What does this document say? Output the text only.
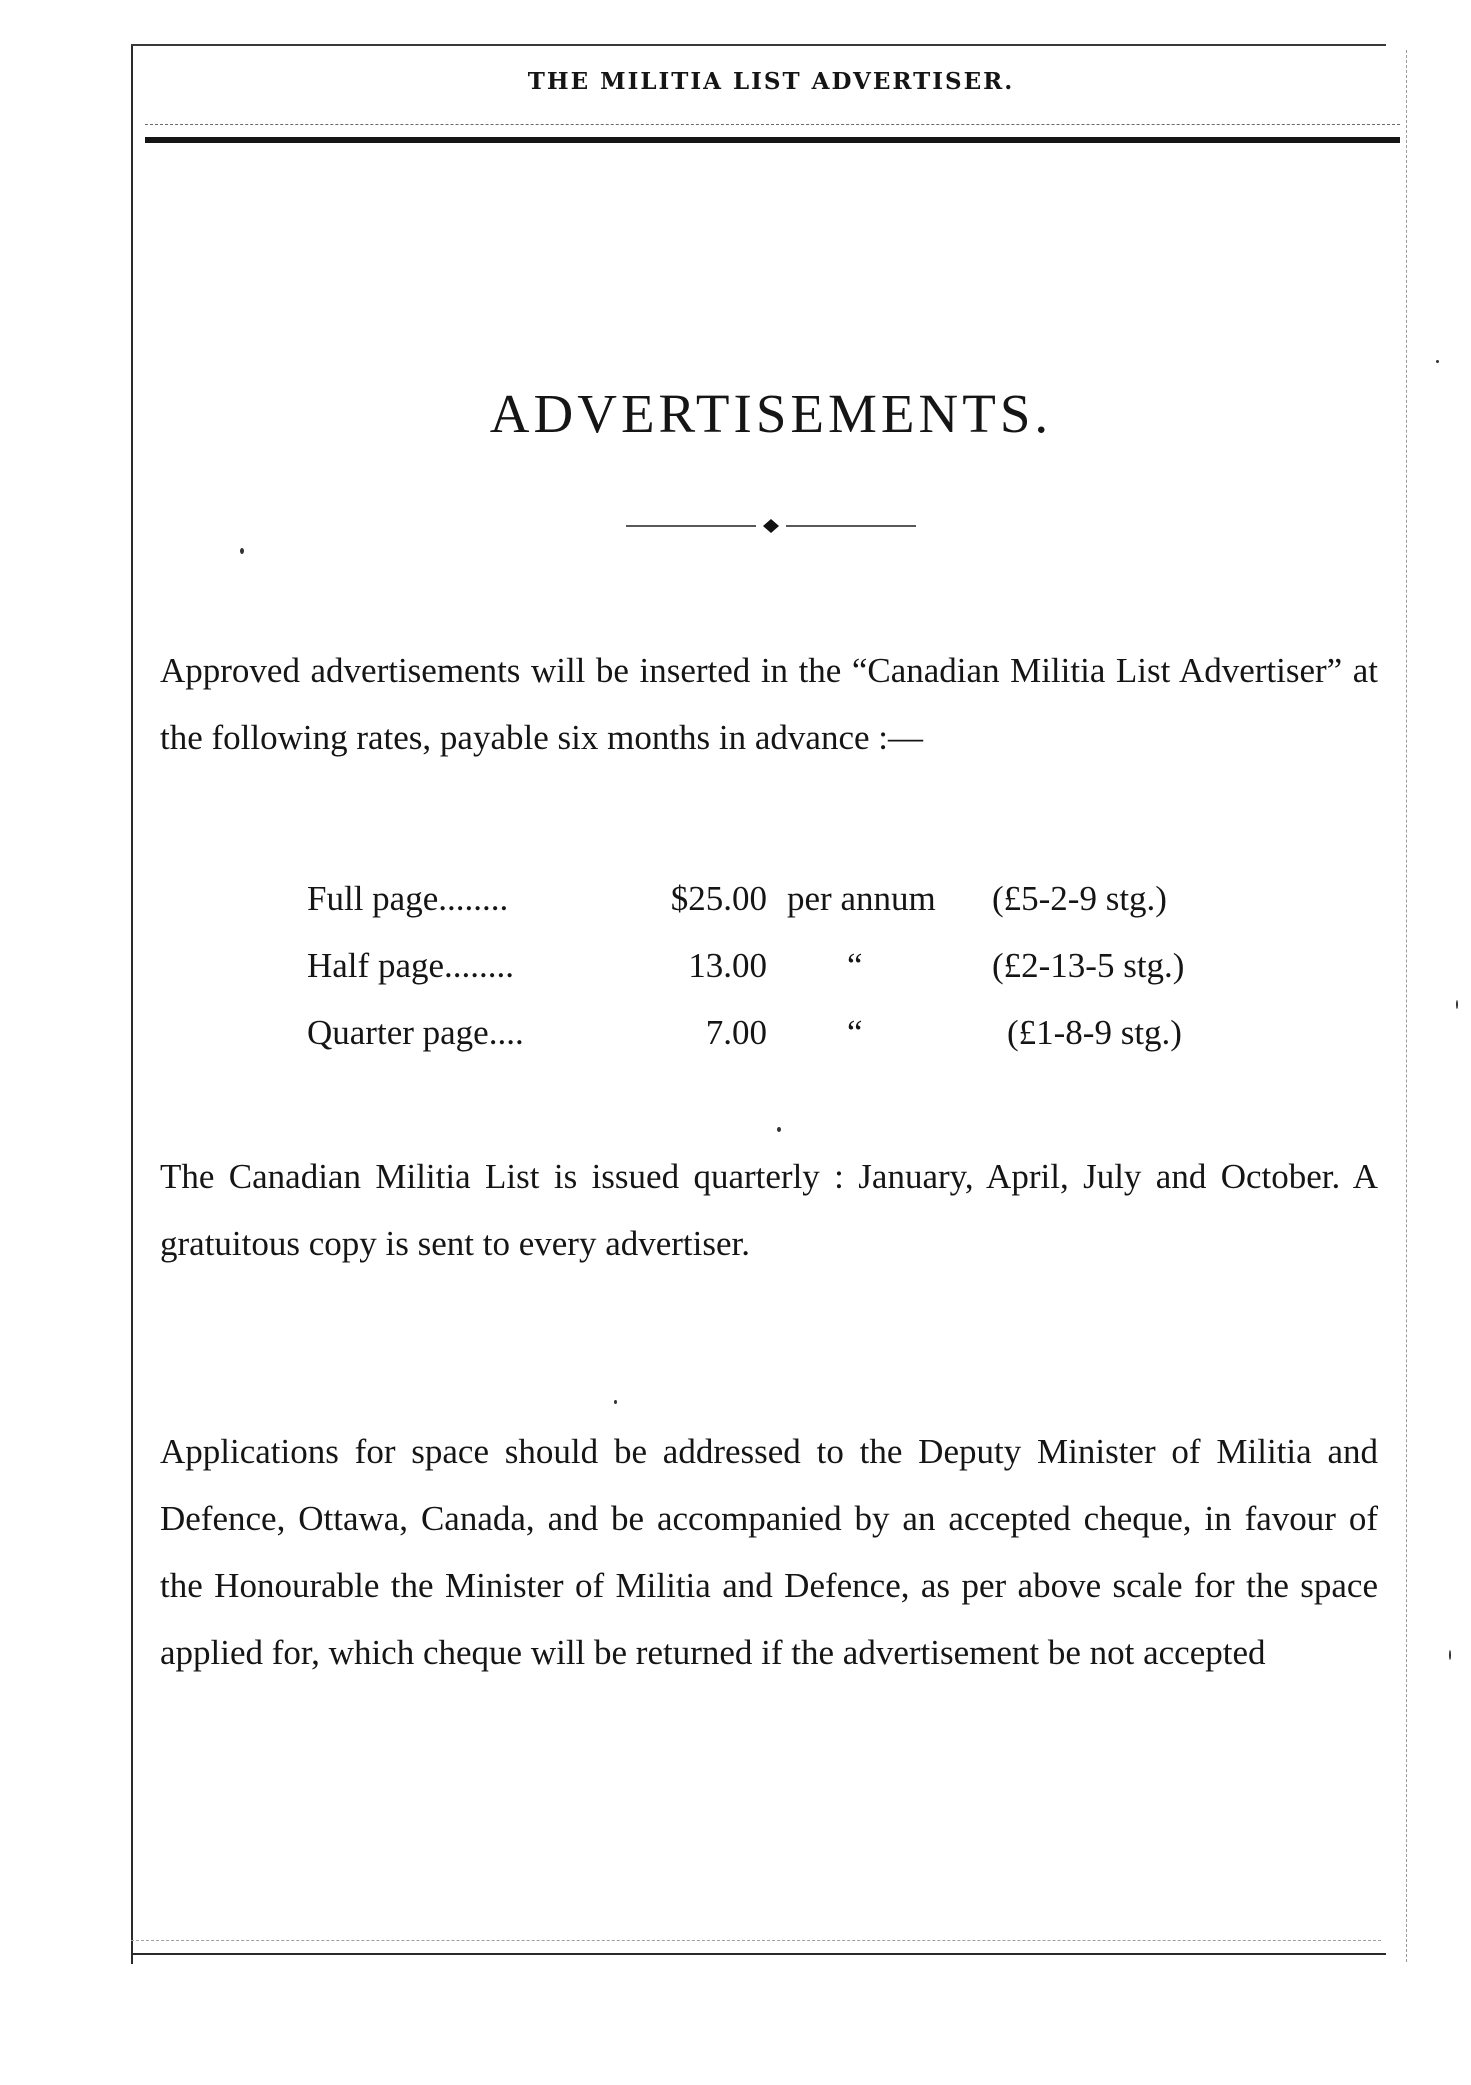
THE MILITIA LIST ADVERTISER.
ADVERTISEMENTS.

Approved advertisements will be inserted in the “Canadian Militia List Advertiser” at the following rates, payable six months in advance :—

Full page........	$25.00 per annum (£5-2-9 stg.)
Half page........	13.00 “	(£2-13-5 stg.)
Quarter page....	7.00 “	(£1-8-9 stg.)

The Canadian Militia List is issued quarterly : January, April, July and October. A gratuitous copy is sent to every advertiser.

Applications for space should be addressed to the Deputy Minister of Militia and Defence, Ottawa, Canada, and be accompanied by an accepted cheque, in favour of the Honourable the Minister of Militia and Defence, as per above scale for the space applied for, which cheque will be returned if the advertisement be not accepted
